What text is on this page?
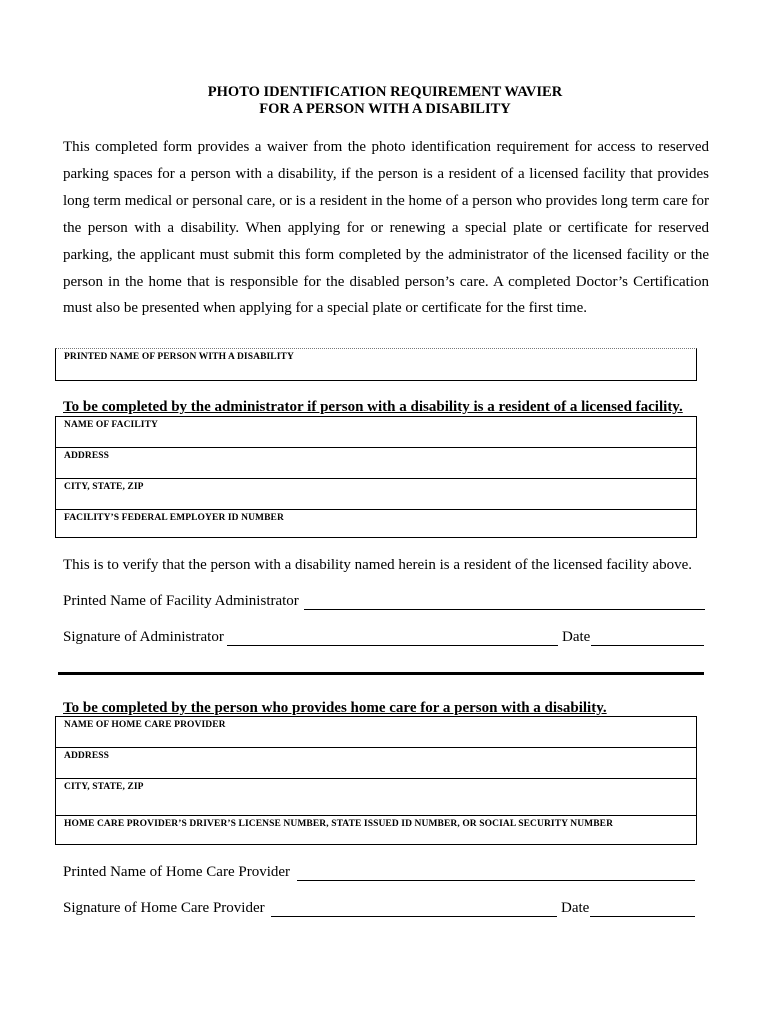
PHOTO IDENTIFICATION REQUIREMENT WAVIER
FOR A PERSON WITH A DISABILITY
This completed form provides a waiver from the photo identification requirement for access to reserved parking spaces for a person with a disability, if the person is a resident of a licensed facility that provides long term medical or personal care, or is a resident in the home of a person who provides long term care for the person with a disability. When applying for or renewing a special plate or certificate for reserved parking, the applicant must submit this form completed by the administrator of the licensed facility or the person in the home that is responsible for the disabled person’s care. A completed Doctor’s Certification must also be presented when applying for a special plate or certificate for the first time.
PRINTED NAME OF PERSON WITH A DISABILITY
To be completed by the administrator if person with a disability is a resident of a licensed facility.
NAME OF FACILITY
ADDRESS
CITY, STATE, ZIP
FACILITY’S FEDERAL EMPLOYER ID NUMBER
This is to verify that the person with a disability named herein is a resident of the licensed facility above.
Printed Name of Facility Administrator
Signature of Administrator	Date
To be completed by the person who provides home care for a person with a disability.
NAME OF HOME CARE PROVIDER
ADDRESS
CITY, STATE, ZIP
HOME CARE PROVIDER’S DRIVER’S LICENSE NUMBER, STATE ISSUED ID NUMBER, OR SOCIAL SECURITY NUMBER
Printed Name of Home Care Provider
Signature of Home Care Provider	Date
